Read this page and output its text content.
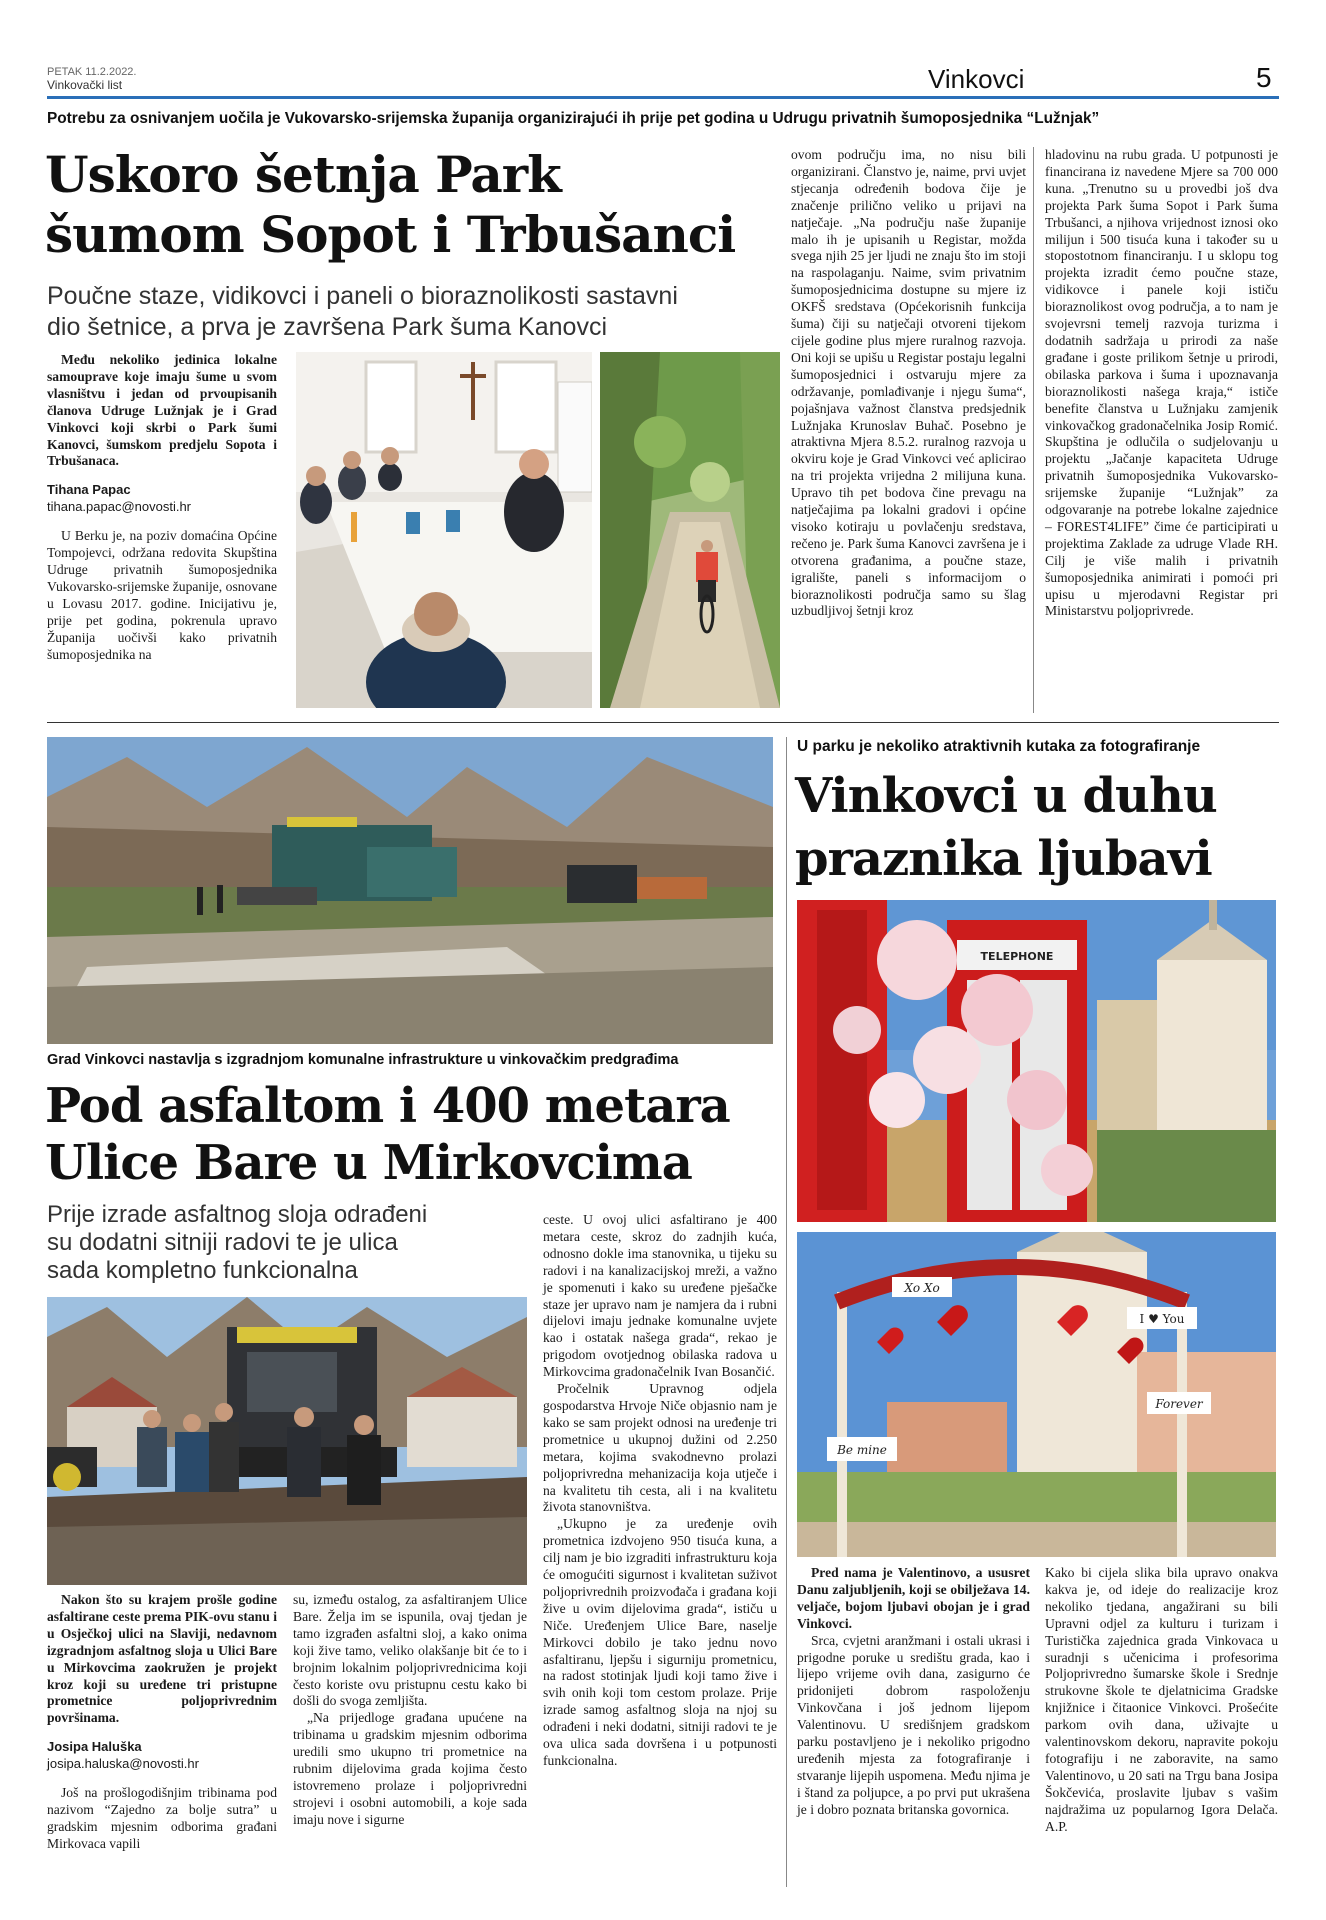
PETAK 11.2.2022.
Vinkovački list	Vinkovci	5
Potrebu za osnivanjem uočila je Vukovarsko-srijemska županija organizirajući ih prije pet godina u Udrugu privatnih šumoposjednika “Lužnjak”
Uskoro šetnja Park
šumom Sopot i Trbušanci
Poučne staze, vidikovci i paneli o bioraznolikosti sastavni
dio šetnice, a prva je završena Park šuma Kanovci

Među nekoliko jedinica lokalne samouprave koje imaju šume u svom vlasništvu i jedan od prvoupisanih članova Udruge Lužnjak je i Grad Vinkovci koji skrbi o Park šumi Kanovci, šumskom predjelu Sopota i Trbušanaca.

Tihana Papac
tihana.papac@novosti.hr

U Berku je, na poziv domaćina Općine Tompojevci, održana redovita Skupština Udruge privatnih šumoposjednika Vukovarsko-srijemske županije, osnovane u Lovasu 2017. godine. Inicijativu je, prije pet godina, pokrenula upravo Županija uočivši kako privatnih šumoposjednika na

ovom području ima, no nisu bili organizirani. Članstvo je, naime, prvi uvjet stjecanja određenih bodova čije je značenje prilično veliko u prijavi na natječaje. „Na području naše županije malo ih je upisanih u Registar, možda svega njih 25 jer ljudi ne znaju što im stoji na raspolaganju. Naime, svim privatnim šumoposjednicima dostupne su mjere iz OKFŠ sredstava (Općekorisnih funkcija šuma) čiji su natječaji otvoreni tijekom cijele godine plus mjere ruralnog razvoja. Oni koji se upišu u Registar postaju legalni šumoposjednici i ostvaruju mjere za održavanje, pomlađivanje i njegu šuma“, pojašnjava važnost članstva predsjednik Lužnjaka Krunoslav Buhač. Posebno je atraktivna Mjera 8.5.2. ruralnog razvoja u okviru koje je Grad Vinkovci već aplicirao na tri projekta vrijedna 2 milijuna kuna. Upravo tih pet bodova čine prevagu na natječajima pa lokalni gradovi i općine visoko kotiraju u povlačenju sredstava, rečeno je. Park šuma Kanovci završena je i otvorena građanima, a poučne staze, igralište, paneli s informacijom o bioraznolikosti područja samo su šlag uzbudljivoj šetnji kroz

hladovinu na rubu grada. U potpunosti je financirana iz navedene Mjere sa 700 000 kuna. „Trenutno su u provedbi još dva projekta Park šuma Sopot i Park šuma Trbušanci, a njihova vrijednost iznosi oko milijun i 500 tisuća kuna i također su u stopostotnom financiranju. I u sklopu tog projekta izradit ćemo poučne staze, vidikovce i panele koji ističu bioraznolikost ovog područja, a to nam je svojevrsni temelj razvoja turizma i dodatnih sadržaja u prirodi za naše građane i goste prilikom šetnje u prirodi, obilaska parkova i šuma i upoznavanja bioraznolikosti našega kraja,“ ističe benefite članstva u Lužnjaku zamjenik vinkovačkog gradonačelnika Josip Romić. Skupština je odlučila o sudjelovanju u projektu „Jačanje kapaciteta Udruge privatnih šumoposjednika Vukovarsko-srijemske županije “Lužnjak” za odgovaranje na potrebe lokalne zajednice – FOREST4LIFE” čime će participirati u projektima Zaklade za udruge Vlade RH. Cilj je više malih i privatnih šumoposjednika animirati i pomoći pri upisu u mjerodavni Registar pri Ministarstvu poljoprivrede.

Grad Vinkovci nastavlja s izgradnjom komunalne infrastrukture u vinkovačkim predgrađima
Pod asfaltom i 400 metara
Ulice Bare u Mirkovcima
Prije izrade asfaltnog sloja odrađeni
su dodatni sitniji radovi te je ulica
sada kompletno funkcionalna

Nakon što su krajem prošle godine asfaltirane ceste prema PIK-ovu stanu i u Osječkoj ulici na Slaviji, nedavnom izgradnjom asfaltnog sloja u Ulici Bare u Mirkovcima zaokružen je projekt kroz koji su uređene tri pristupne prometnice poljoprivrednim površinama.

Josipa Haluška
josipa.haluska@novosti.hr

Još na prošlogodišnjim tribinama pod nazivom “Zajedno za bolje sutra” u gradskim mjesnim odborima građani Mirkovaca vapili

su, između ostalog, za asfaltiranjem Ulice Bare. Želja im se ispunila, ovaj tjedan je tamo izgrađen asfaltni sloj, a kako onima koji žive tamo, veliko olakšanje bit će to i brojnim lokalnim poljoprivrednicima koji često koriste ovu pristupnu cestu kako bi došli do svoga zemljišta.

„Na prijedloge građana upućene na tribinama u gradskim mjesnim odborima uredili smo ukupno tri prometnice na rubnim dijelovima grada kojima često istovremeno prolaze i poljoprivredni strojevi i osobni automobili, a koje sada imaju nove i sigurne

ceste. U ovoj ulici asfaltirano je 400 metara ceste, skroz do zadnjih kuća, odnosno dokle ima stanovnika, u tijeku su radovi i na kanalizacijskoj mreži, a važno je spomenuti i kako su uređene pješačke staze jer upravo nam je namjera da i rubni dijelovi imaju jednake komunalne uvjete kao i ostatak našega grada“, rekao je prigodom ovotjednog obilaska radova u Mirkovcima gradonačelnik Ivan Bosančić.

Pročelnik Upravnog odjela gospodarstva Hrvoje Niče objasnio nam je kako se sam projekt odnosi na uređenje tri prometnice u ukupnoj dužini od 2.250 metara, kojima svakodnevno prolazi poljoprivredna mehanizacija koja utječe i na kvalitetu tih cesta, ali i na kvalitetu života stanovništva.

„Ukupno je za uređenje ovih prometnica izdvojeno 950 tisuća kuna, a cilj nam je bio izgraditi infrastrukturu koja će omogućiti sigurnost i kvalitetan suživot poljoprivrednih proizvođača i građana koji žive u ovim dijelovima grada“, ističu u Niče. Uređenjem Ulice Bare, naselje Mirkovci dobilo je tako jednu novo asfaltiranu, ljepšu i sigurniju prometnicu, na radost stotinjak ljudi koji tamo žive i svih onih koji tom cestom prolaze. Prije izrade samog asfaltnog sloja na njoj su odrađeni i neki dodatni, sitniji radovi te je ova ulica sada dovršena i u potpunosti funkcionalna.

U parku je nekoliko atraktivnih kutaka za fotografiranje
Vinkovci u duhu
praznika ljubavi
TELEPHONE
Xo Xo
I ♥ You
Forever
Be mine

Pred nama je Valentinovo, a ususret Danu zaljubljenih, koji se obilježava 14. veljače, bojom ljubavi obojan je i grad Vinkovci.

Srca, cvjetni aranžmani i ostali ukrasi i prigodne poruke u središtu grada, kao i lijepo vrijeme ovih dana, zasigurno će pridonijeti dobrom raspoloženju Vinkovčana i još jednom lijepom Valentinovu. U središnjem gradskom parku postavljeno je i nekoliko prigodno uređenih mjesta za fotografiranje i stvaranje lijepih uspomena. Među njima je i štand za poljupce, a po prvi put ukrašena je i dobro poznata britanska govornica.

Kako bi cijela slika bila upravo onakva kakva je, od ideje do realizacije kroz nekoliko tjedana, angažirani su bili Upravni odjel za kulturu i turizam i Turistička zajednica grada Vinkovaca u suradnji s učenicima i profesorima Poljoprivredno šumarske škole i Srednje strukovne škole te djelatnicima Gradske knjižnice i čitaonice Vinkovci. Prošećite parkom ovih dana, uživajte u valentinovskom dekoru, napravite pokoju fotografiju i ne zaboravite, na samo Valentinovo, u 20 sati na Trgu bana Josipa Šokčevića, proslavite ljubav s vašim najdražima uz popularnog Igora Delača. A.P.
